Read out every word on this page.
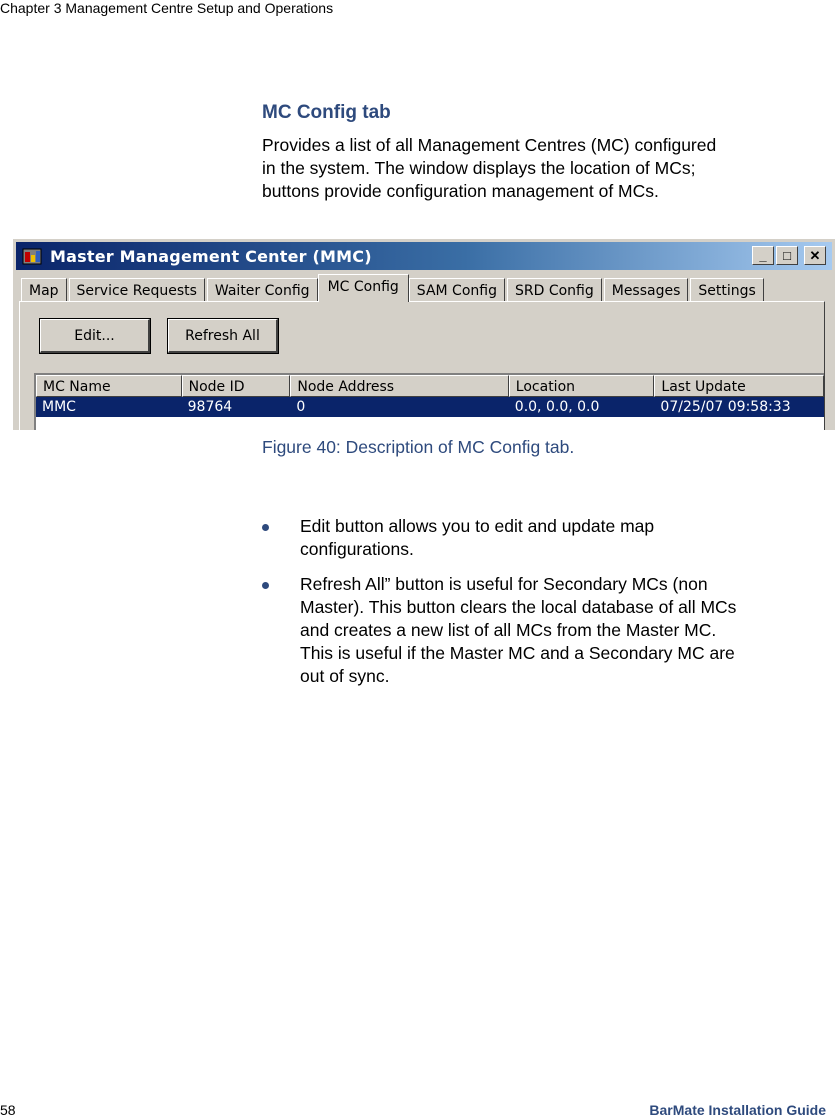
Chapter 3 Management Centre Setup and Operations
MC Config tab

Provides a list of all Management Centres (MC) configured

in the system. The window displays the location of MCs;

buttons provide configuration management of MCs.

Master Management Center (MMC)	_	□	✕
Map	Service Requests	Waiter Config	MC Config	SAM Config	SRD Config	Messages	Settings
Edit...	Refresh All
MC Name	Node ID	Node Address	Location	Last Update
MMC	98764	0	0.0, 0.0, 0.0	07/25/07 09:58:33
Figure 40: Description of MC Config tab.
Edit button allows you to edit and update map
configurations.
Refresh All” button is useful for Secondary MCs (non
Master). This button clears the local database of all MCs
and creates a new list of all MCs from the Master MC.
This is useful if the Master MC and a Secondary MC are
out of sync.
58	BarMate Installation Guide
